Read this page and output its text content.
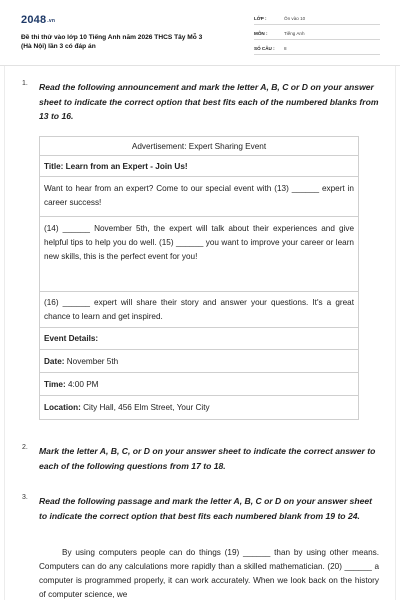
$2048^{.vn}$
Đề thi thử vào lớp 10 Tiếng Anh năm 2026 THCS Tây Mỗ 3
(Hà Nội) lần 3 có đáp án
LỚP :	Ôn vào 10
MÔN :	Tiếng Anh
SỐ CÂU : 8
1. Read the following announcement and mark the letter A, B, C or D on your answer sheet to indicate the correct option that best fits each of the numbered blanks from 13 to 16.
Advertisement: Expert Sharing Event
Title: Learn from an Expert - Join Us!
Want to hear from an expert? Come to our special event with (13) ______ expert in career success!
(14) ______ November 5th, the expert will talk about their experiences and give helpful tips to help you do well. (15) ______ you want to improve your career or learn new skills, this is the perfect event for you!
(16) ______ expert will share their story and answer your questions. It's a great chance to learn and get inspired.
Event Details:
Date: November 5th
Time: 4:00 PM
Location: City Hall, 456 Elm Street, Your City
2. Mark the letter A, B, C, or D on your answer sheet to indicate the correct answer to each of the following questions from 17 to 18.
3. Read the following passage and mark the letter A, B, C or D on your answer sheet to indicate the correct option that best fits each numbered blank from 19 to 24.
By using computers people can do things (19) ______ than by using other means. Computers can do any calculations more rapidly than a skilled mathematician. (20) ______ a computer is programmed properly, it can work accurately. When we look back on the history of computer science, we
